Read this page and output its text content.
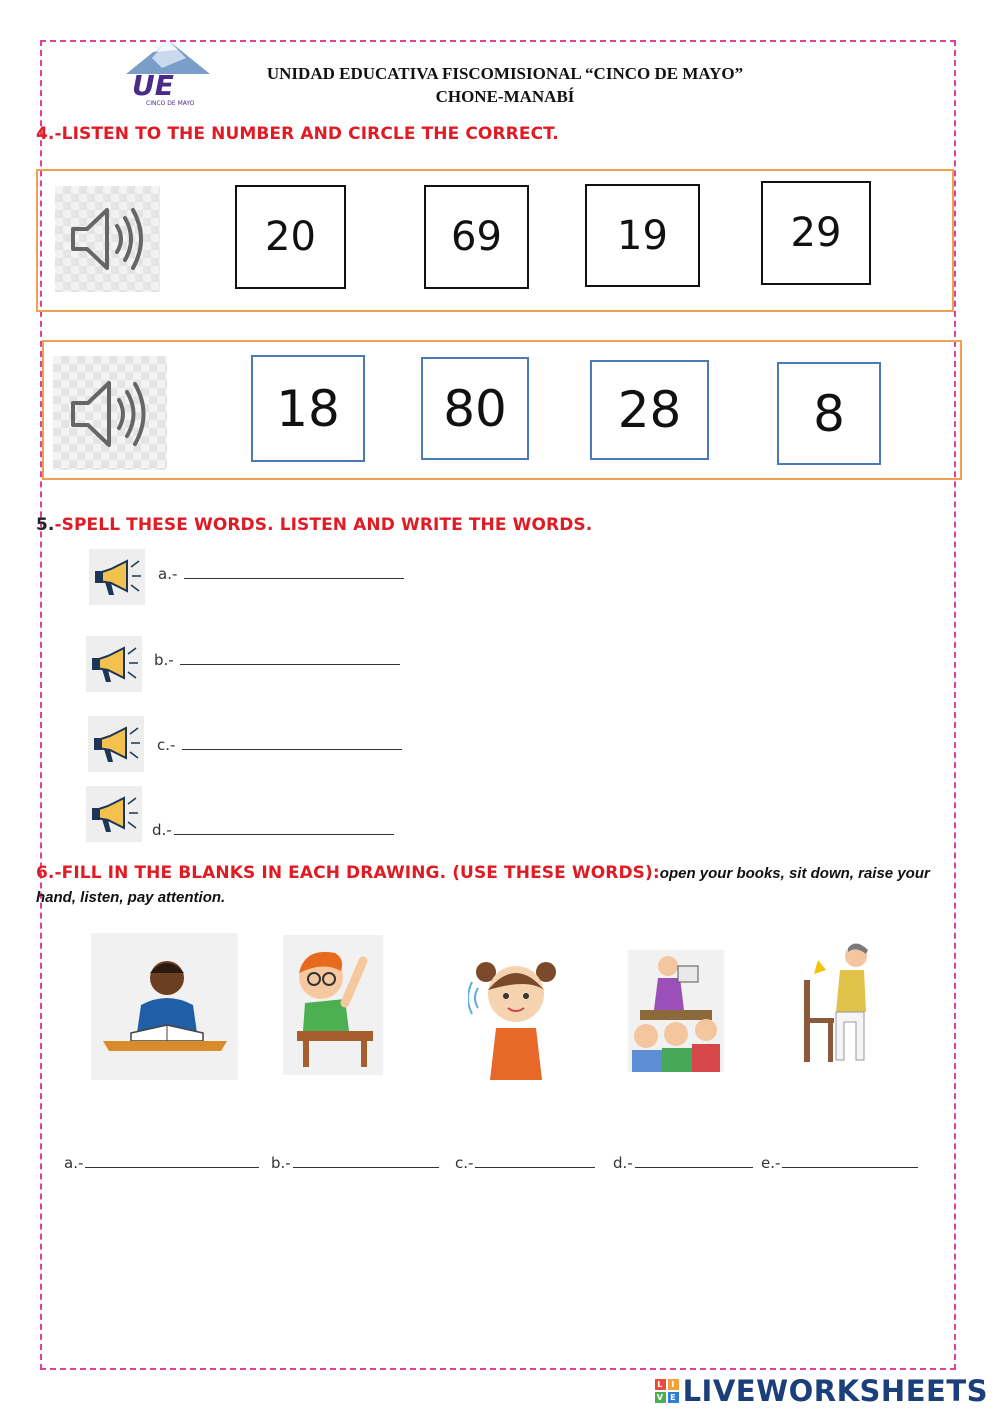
UE
CINCO DE MAYO
UNIDAD EDUCATIVA FISCOMISIONAL “CINCO DE MAYO”
CHONE-MANABÍ
4.-LISTEN TO THE NUMBER AND CIRCLE THE CORRECT.
20	69	19	29
18	80	28	8
5.-SPELL THESE WORDS. LISTEN AND WRITE THE WORDS.
a.-
b.-
c.-
d.-
6.-FILL IN THE BLANKS IN EACH DRAWING. (USE THESE WORDS):open your books, sit down, raise your
hand, listen, pay attention.
a.-	b.-	c.-	d.-	e.-
L	I
V E LIVEWORKSHEETS
